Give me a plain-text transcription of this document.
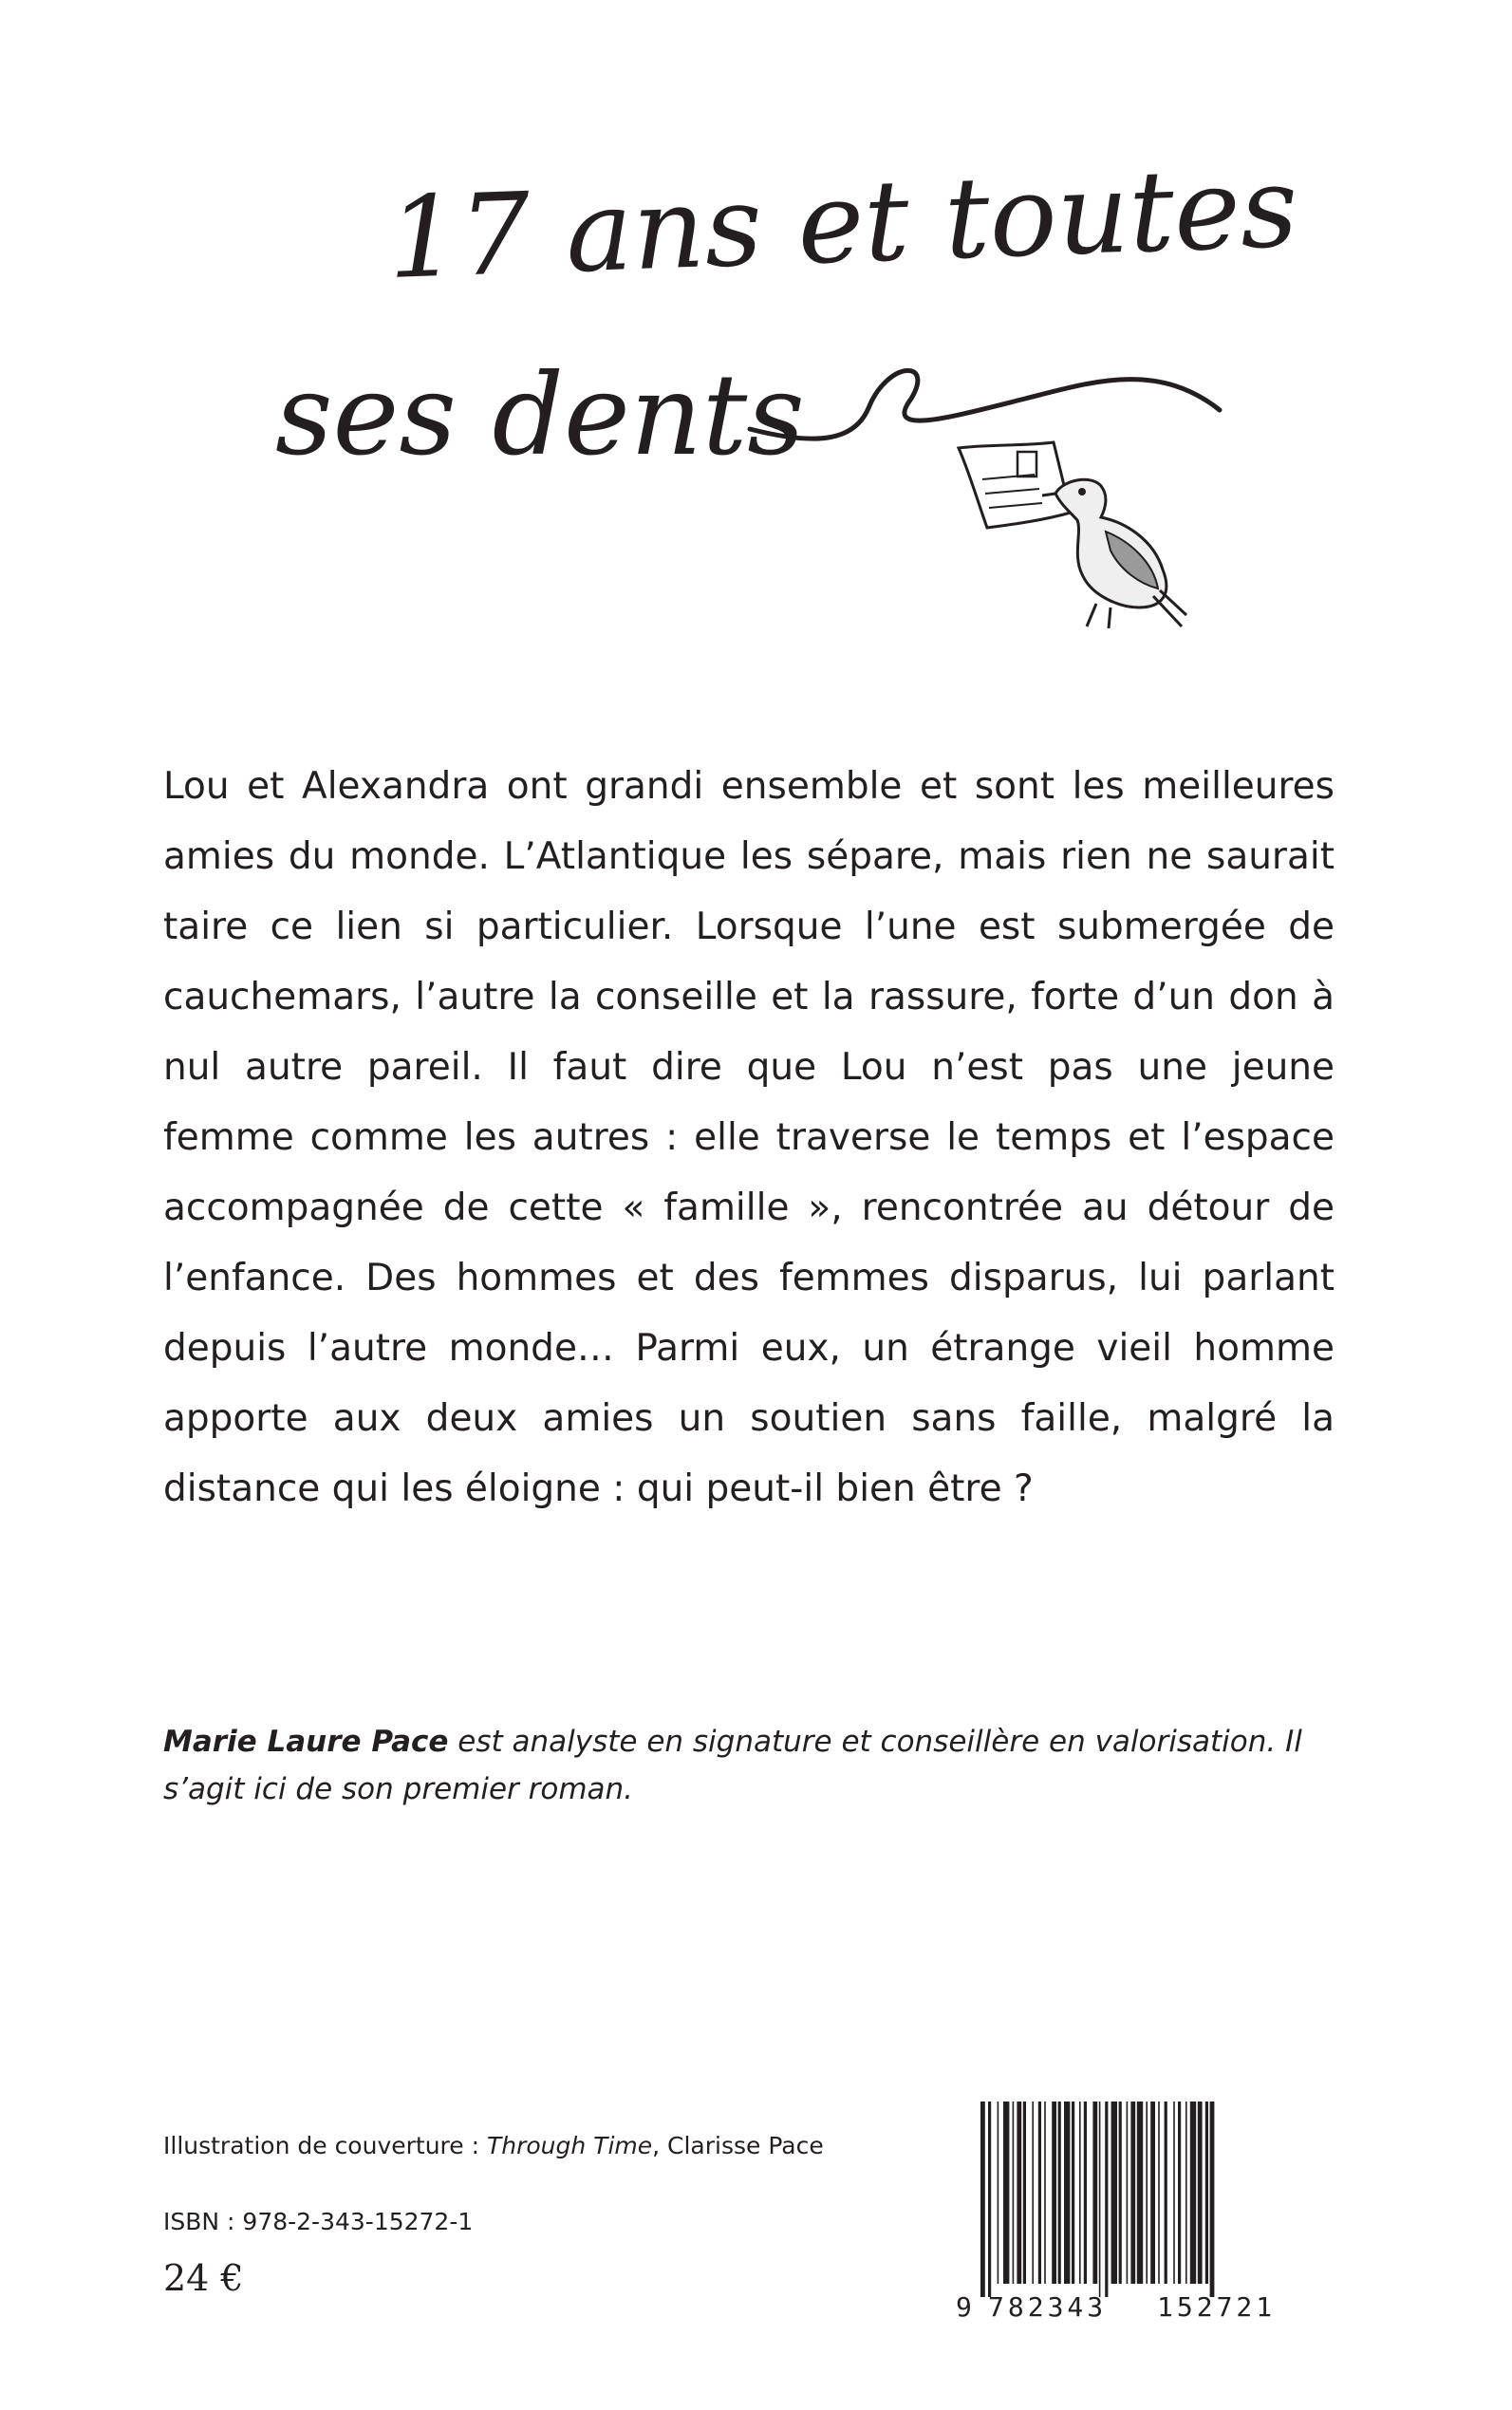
17 ans et toutes
ses dents

Lou et Alexandra ont grandi ensemble et sont les meilleures amies du monde. L’Atlantique les sépare, mais rien ne saurait taire ce lien si particulier. Lorsque l’une est submergée de cauchemars, l’autre la conseille et la rassure, forte d’un don à nul autre pareil. Il faut dire que Lou n’est pas une jeune femme comme les autres : elle traverse le temps et l’espace accompagnée de cette « famille », rencontrée au détour de l’enfance. Des hommes et des femmes disparus, lui parlant depuis l’autre monde… Parmi eux, un étrange vieil homme apporte aux deux amies un soutien sans faille, malgré la distance qui les éloigne : qui peut-il bien être ?

Marie Laure Pace est analyste en signature et conseillère en valorisation. Il s’agit ici de son premier roman.

Illustration de couverture : Through Time, Clarisse Pace
ISBN : 978-2-343-15272-1
24 €
9 782343 152721
